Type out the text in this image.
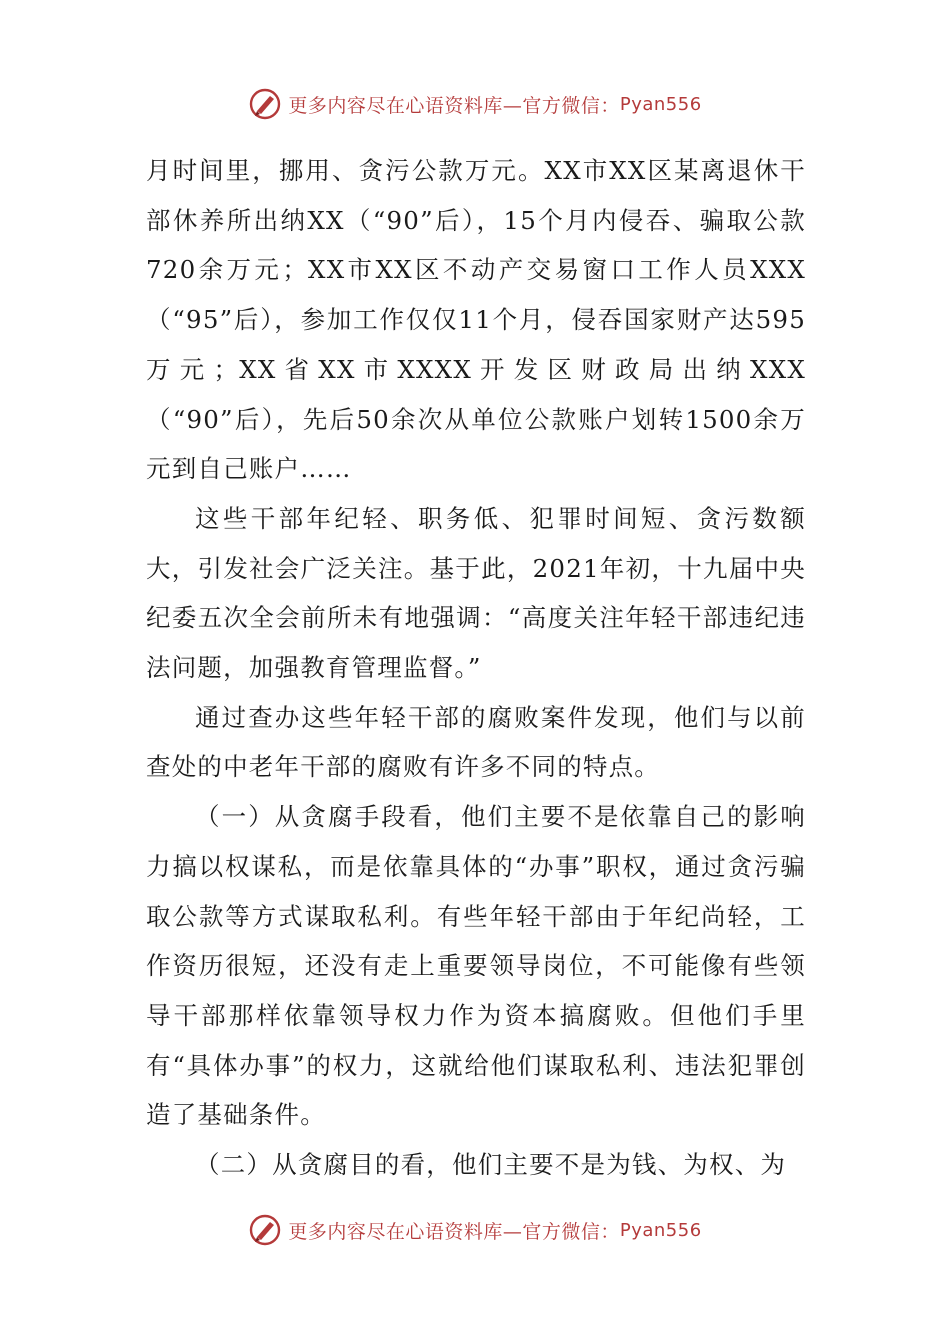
更多内容尽在心语资料库— 官方微信： Pyan556

月时间里，挪用、贪污公款万元。XX市XX区某离退休干部休养所出纳XX（“90”后），15个月内侵吞、骗取公款720余万元；XX市XX区不动产交易窗口工作人员XXX（“95”后），参加工作仅仅11个月，侵吞国家财产达595万元；XX省XX市XXXX开发区财政局出纳XXX（“90”后），先后50余次从单位公款账户划转1500余万元到自己账户……

这些干部年纪轻、职务低、犯罪时间短、贪污数额大，引发社会广泛关注。基于此，2021年初，十九届中央纪委五次全会前所未有地强调：“高度关注年轻干部违纪违法问题，加强教育管理监督。”

通过查办这些年轻干部的腐败案件发现，他们与以前查处的中老年干部的腐败有许多不同的特点。

（一）从贪腐手段看，他们主要不是依靠自己的影响力搞以权谋私，而是依靠具体的“办事”职权，通过贪污骗取公款等方式谋取私利。有些年轻干部由于年纪尚轻，工作资历很短，还没有走上重要领导岗位，不可能像有些领导干部那样依靠领导权力作为资本搞腐败。但他们手里有“具体办事”的权力，这就给他们谋取私利、违法犯罪创造了基础条件。

（二）从贪腐目的看，他们主要不是为钱、为权、为

更多内容尽在心语资料库— 官方微信： Pyan556
